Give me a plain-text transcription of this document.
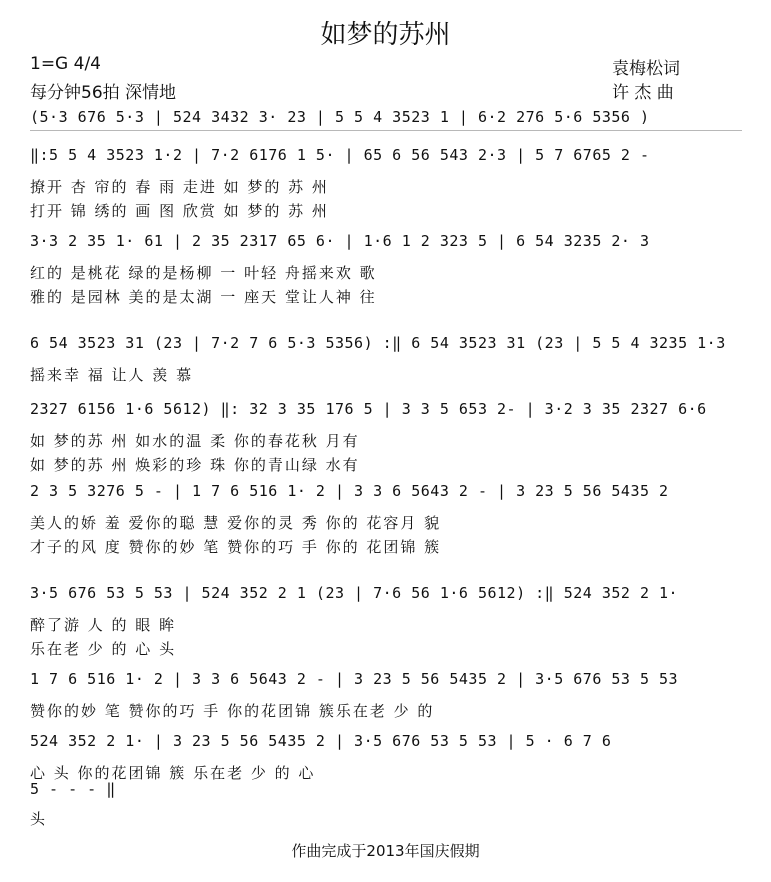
如梦的苏州
1=G 4/4
每分钟56拍 深情地
袁梅松词
许 杰 曲
(5·3 676 5·3 | 524 3432 3· 23 | 5 5 4 3523 1 | 6·2 276 5·6 5356 )
‖:5 5 4 3523 1·2 | 7·2 6176 1 5· | 65 6 56 543 2·3 | 5 7 6765 2 -
撩开 杏 帘的 春 雨 走进 如 梦的 苏 州
打开 锦 绣的 画 图 欣赏 如 梦的 苏 州
3·3 2 35 1· 61 | 2 35 2317 65 6· | 1·6 1 2 323 5 | 6 54 3235 2· 3
红的 是桃花 绿的是杨柳 一 叶轻 舟摇来欢 歌
雅的 是园林 美的是太湖 一 座天 堂让人神 往
6 54 3523 31 (23 | 7·2 7 6 5·3 5356) :‖ 6 54 3523 31 (23 | 5 5 4 3235 1·3
摇来幸 福 让人 羡 慕
2327 6156 1·6 5612) ‖: 32 3 35 176 5 | 3 3 5 653 2- | 3·2 3 35 2327 6·6
如 梦的苏 州 如水的温 柔 你的春花秋 月有
如 梦的苏 州 焕彩的珍 珠 你的青山绿 水有
2 3 5 3276 5 - | 1 7 6 516 1· 2 | 3 3 6 5643 2 - | 3 23 5 56 5435 2
美人的娇 羞 爱你的聪 慧 爱你的灵 秀 你的 花容月 貌
才子的风 度 赞你的妙 笔 赞你的巧 手 你的 花团锦 簇
3·5 676 53 5 53 | 524 352 2 1 (23 | 7·6 56 1·6 5612) :‖ 524 352 2 1·
醉了游 人 的 眼 眸
乐在老 少 的 心 头
1 7 6 516 1· 2 | 3 3 6 5643 2 - | 3 23 5 56 5435 2 | 3·5 676 53 5 53
赞你的妙 笔 赞你的巧 手 你的花团锦 簇乐在老 少 的
524 352 2 1· | 3 23 5 56 5435 2 | 3·5 676 53 5 53 | 5 · 6 7 6
心 头 你的花团锦 簇 乐在老 少 的 心
5 - - - ‖
头
作曲完成于2013年国庆假期
